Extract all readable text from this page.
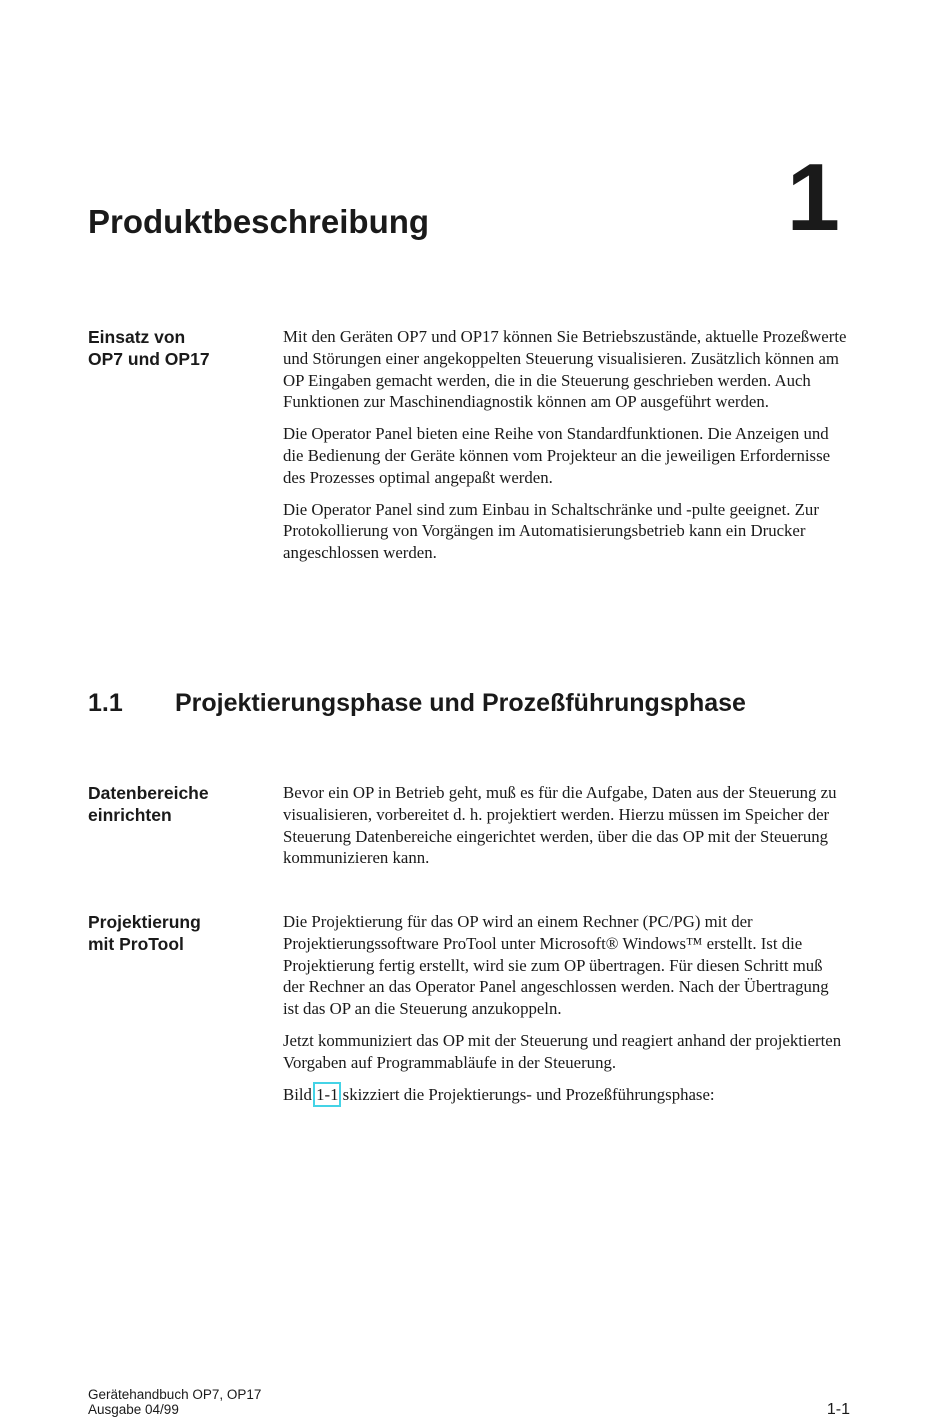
1
Produktbeschreibung
Einsatz von
OP7 und OP17

Mit den Geräten OP7 und OP17 können Sie Betriebszustände, aktuelle Prozeßwerte und Störungen einer angekoppelten Steuerung visualisieren. Zusätzlich können am OP Eingaben gemacht werden, die in die Steuerung geschrieben werden. Auch Funktionen zur Maschinendiagnostik können am OP ausgeführt werden.

Die Operator Panel bieten eine Reihe von Standardfunktionen. Die Anzeigen und die Bedienung der Geräte können vom Projekteur an die jeweiligen Erfordernisse des Prozesses optimal angepaßt werden.

Die Operator Panel sind zum Einbau in Schaltschränke und -pulte geeignet. Zur Protokollierung von Vorgängen im Automatisierungsbetrieb kann ein Drucker angeschlossen werden.

1.1 Projektierungsphase und Prozeßführungsphase
Datenbereiche
einrichten

Bevor ein OP in Betrieb geht, muß es für die Aufgabe, Daten aus der Steuerung zu visualisieren, vorbereitet d. h. projektiert werden. Hierzu müssen im Speicher der Steuerung Datenbereiche eingerichtet werden, über die das OP mit der Steuerung kommunizieren kann.

Projektierung
mit ProTool

Die Projektierung für das OP wird an einem Rechner (PC/PG) mit der Projektierungssoftware ProTool unter Microsoft® Windows™ erstellt. Ist die Projektierung fertig erstellt, wird sie zum OP übertragen. Für diesen Schritt muß der Rechner an das Operator Panel angeschlossen werden. Nach der Übertragung ist das OP an die Steuerung anzukoppeln.

Jetzt kommuniziert das OP mit der Steuerung und reagiert anhand der projektierten Vorgaben auf Programmabläufe in der Steuerung.

Bild 1-1 skizziert die Projektierungs- und Prozeßführungsphase:

Gerätehandbuch OP7, OP17
Ausgabe 04/99	1-1
